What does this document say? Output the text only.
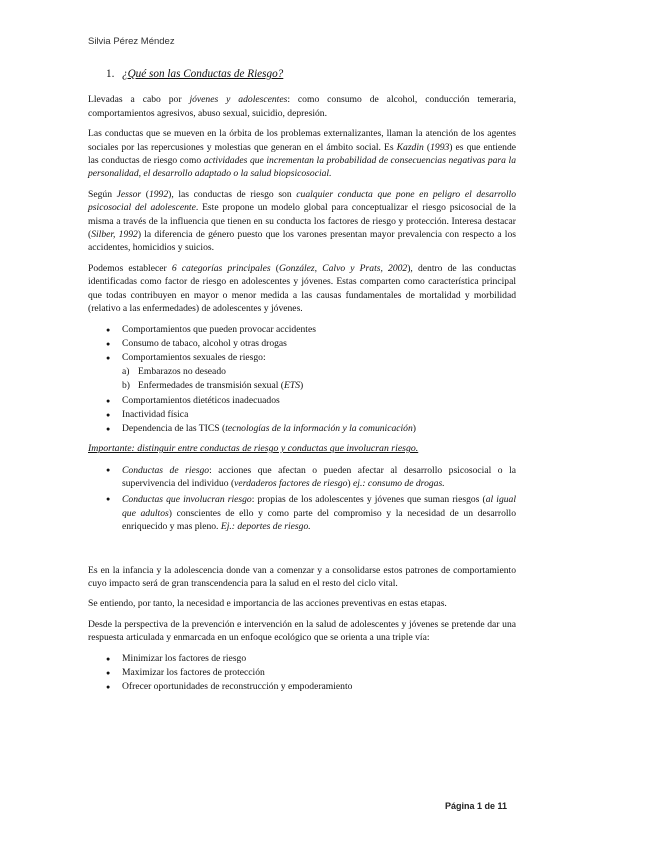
Silvia Pérez Méndez
1. ¿Qué son las Conductas de Riesgo?

Llevadas a cabo por jóvenes y adolescentes: como consumo de alcohol, conducción temeraria, comportamientos agresivos, abuso sexual, suicidio, depresión.

Las conductas que se mueven en la órbita de los problemas externalizantes, llaman la atención de los agentes sociales por las repercusiones y molestias que generan en el ámbito social. Es Kazdin (1993) es que entiende las conductas de riesgo como actividades que incrementan la probabilidad de consecuencias negativas para la personalidad, el desarrollo adaptado o la salud biopsicosocial.

Según Jessor (1992), las conductas de riesgo son cualquier conducta que pone en peligro el desarrollo psicosocial del adolescente. Este propone un modelo global para conceptualizar el riesgo psicosocial de la misma a través de la influencia que tienen en su conducta los factores de riesgo y protección. Interesa destacar (Silber, 1992) la diferencia de género puesto que los varones presentan mayor prevalencia con respecto a los accidentes, homicidios y suicios.

Podemos establecer 6 categorías principales (González, Calvo y Prats, 2002), dentro de las conductas identificadas como factor de riesgo en adolescentes y jóvenes. Estas comparten como característica principal que todas contribuyen en mayor o menor medida a las causas fundamentales de mortalidad y morbilidad (relativo a las enfermedades) de adolescentes y jóvenes.

● Comportamientos que pueden provocar accidentes
● Consumo de tabaco, alcohol y otras drogas
● Comportamientos sexuales de riesgo:
a) Embarazos no deseado
b) Enfermedades de transmisión sexual (ETS)
● Comportamientos dietéticos inadecuados
● Inactividad física
● Dependencia de las TICS (tecnologías de la información y la comunicación)
Importante: distinguir entre conductas de riesgo y conductas que involucran riesgo.
● Conductas de riesgo: acciones que afectan o pueden afectar al desarrollo psicosocial o la supervivencia del individuo (verdaderos factores de riesgo) ej.: consumo de drogas.
● Conductas que involucran riesgo: propias de los adolescentes y jóvenes que suman riesgos (al igual que adultos) conscientes de ello y como parte del compromiso y la necesidad de un desarrollo enriquecido y mas pleno. Ej.: deportes de riesgo.

Es en la infancia y la adolescencia donde van a comenzar y a consolidarse estos patrones de comportamiento cuyo impacto será de gran transcendencia para la salud en el resto del ciclo vital.

Se entiendo, por tanto, la necesidad e importancia de las acciones preventivas en estas etapas.

Desde la perspectiva de la prevención e intervención en la salud de adolescentes y jóvenes se pretende dar una respuesta articulada y enmarcada en un enfoque ecológico que se orienta a una triple vía:

● Minimizar los factores de riesgo
● Maximizar los factores de protección
● Ofrecer oportunidades de reconstrucción y empoderamiento
Página 1 de 11
